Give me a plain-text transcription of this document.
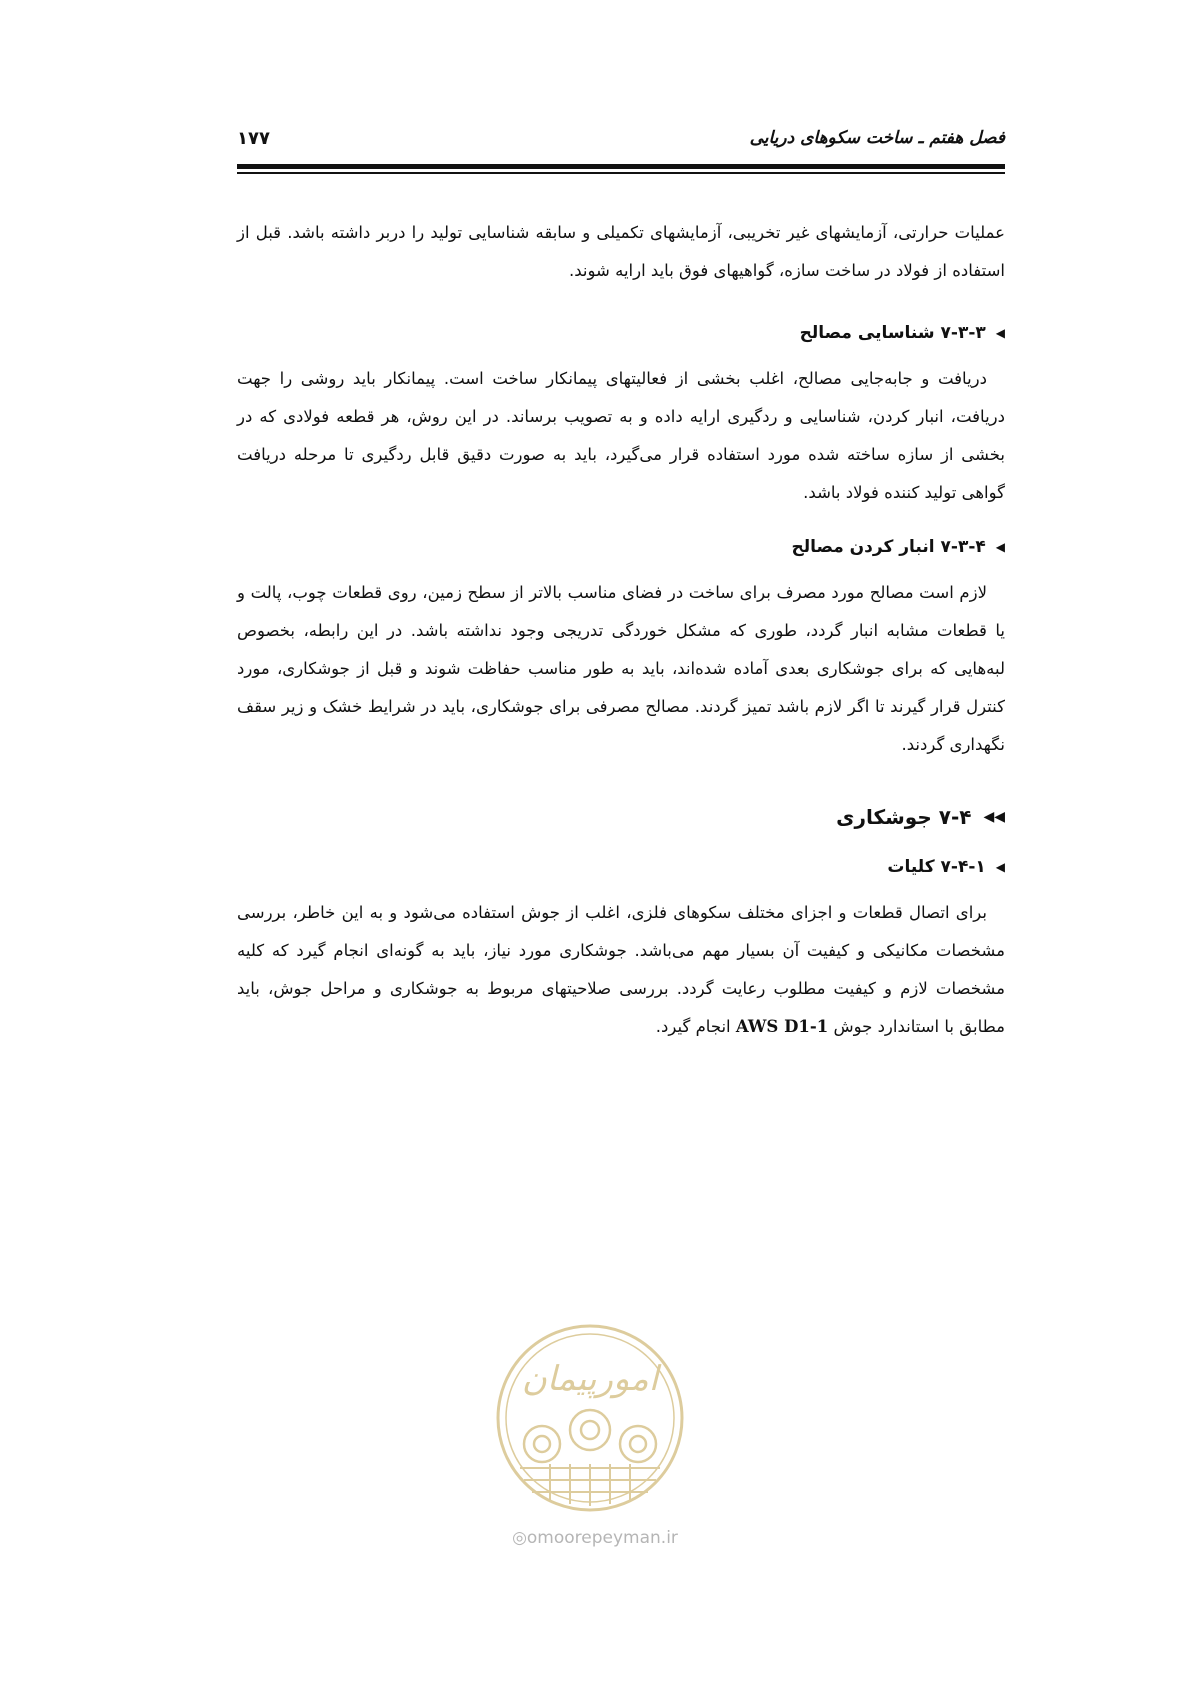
فصل هفتم ـ ساخت سکوهای دریایی
۱۷۷

عملیات حرارتی، آزمایشهای غیر تخریبی، آزمایشهای تکمیلی و سابقه شناسایی تولید را دربر داشته باشد. قبل از استفاده از فولاد در ساخت سازه، گواهیهای فوق باید ارایه شوند.

◀
۷-۳-۳ شناسایی مصالح

دریافت و جابه‌جایی مصالح، اغلب بخشی از فعالیتهای پیمانکار ساخت است. پیمانکار باید روشی را جهت دریافت، انبار کردن، شناسایی و ردگیری ارایه داده و به تصویب برساند. در این روش، هر قطعه فولادی که در بخشی از سازه ساخته شده مورد استفاده قرار می‌گیرد، باید به صورت دقیق قابل ردگیری تا مرحله دریافت گواهی تولید کننده فولاد باشد.

◀
۷-۳-۴ انبار کردن مصالح

لازم است مصالح مورد مصرف برای ساخت در فضای مناسب بالاتر از سطح زمین، روی قطعات چوب، پالت و یا قطعات مشابه انبار گردد، طوری که مشکل خوردگی تدریجی وجود نداشته باشد. در این رابطه، بخصوص لبه‌هایی که برای جوشکاری بعدی آماده شده‌اند، باید به طور مناسب حفاظت شوند و قبل از جوشکاری، مورد کنترل قرار گیرند تا اگر لازم باشد تمیز گردند. مصالح مصرفی برای جوشکاری، باید در شرایط خشک و زیر سقف نگهداری گردند.

◀◀
۷-۴ جوشکاری
◀
۷-۴-۱ کلیات

برای اتصال قطعات و اجزای مختلف سکوهای فلزی، اغلب از جوش استفاده می‌شود و به این خاطر، بررسی مشخصات مکانیکی و کیفیت آن بسیار مهم می‌باشد. جوشکاری مورد نیاز، باید به گونه‌ای انجام گیرد که کلیه مشخصات لازم و کیفیت مطلوب رعایت گردد. بررسی صلاحیتهای مربوط به جوشکاری و مراحل جوش، باید مطابق با استاندارد جوش AWS D1-1 انجام گیرد.

امورپیمان
◎omoorepeyman.ir
